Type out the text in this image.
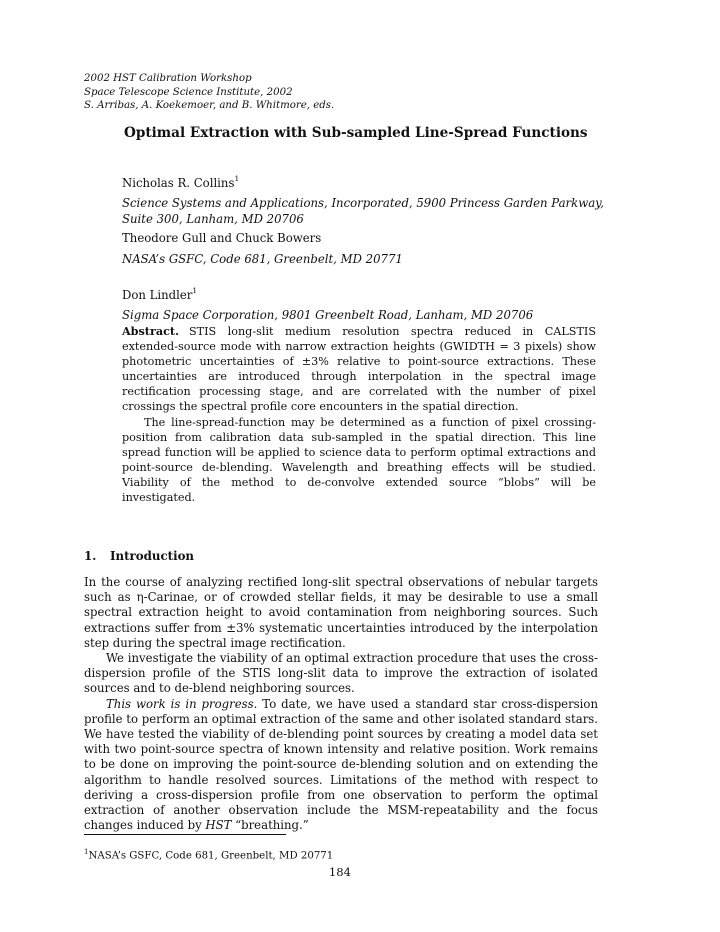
2002 HST Calibration Workshop
Space Telescope Science Institute, 2002
S. Arribas, A. Koekemoer, and B. Whitmore, eds.
Optimal Extraction with Sub-sampled Line-Spread Functions
Nicholas R. Collins$^1$
Science Systems and Applications, Incorporated, 5900 Princess Garden Parkway, Suite 300, Lanham, MD 20706
Theodore Gull and Chuck Bowers
NASA’s GSFC, Code 681, Greenbelt, MD 20771
Don Lindler$^1$
Sigma Space Corporation, 9801 Greenbelt Road, Lanham, MD 20706

Abstract. STIS long-slit medium resolution spectra reduced in CALSTIS extended-source mode with narrow extraction heights (GWIDTH = 3 pixels) show photometric uncertainties of ±3% relative to point-source extractions. These uncertainties are introduced through interpolation in the spectral image rectification processing stage, and are correlated with the number of pixel crossings the spectral profile core encounters in the spatial direction.

The line-spread-function may be determined as a function of pixel crossing-position from calibration data sub-sampled in the spatial direction. This line spread function will be applied to science data to perform optimal extractions and point-source de-blending. Wavelength and breathing effects will be studied. Viability of the method to de-convolve extended source “blobs” will be investigated.

1. Introduction

In the course of analyzing rectified long-slit spectral observations of nebular targets such as η-Carinae, or of crowded stellar fields, it may be desirable to use a small spectral extraction height to avoid contamination from neighboring sources. Such extractions suffer from ±3% systematic uncertainties introduced by the interpolation step during the spectral image rectification.

We investigate the viability of an optimal extraction procedure that uses the cross-dispersion profile of the STIS long-slit data to improve the extraction of isolated sources and to de-blend neighboring sources.

This work is in progress. To date, we have used a standard star cross-dispersion profile to perform an optimal extraction of the same and other isolated standard stars. We have tested the viability of de-blending point sources by creating a model data set with two point-source spectra of known intensity and relative position. Work remains to be done on improving the point-source de-blending solution and on extending the algorithm to handle resolved sources. Limitations of the method with respect to deriving a cross-dispersion profile from one observation to perform the optimal extraction of another observation include the MSM-repeatability and the focus changes induced by HST “breathing.”

$^1$NASA’s GSFC, Code 681, Greenbelt, MD 20771
184
